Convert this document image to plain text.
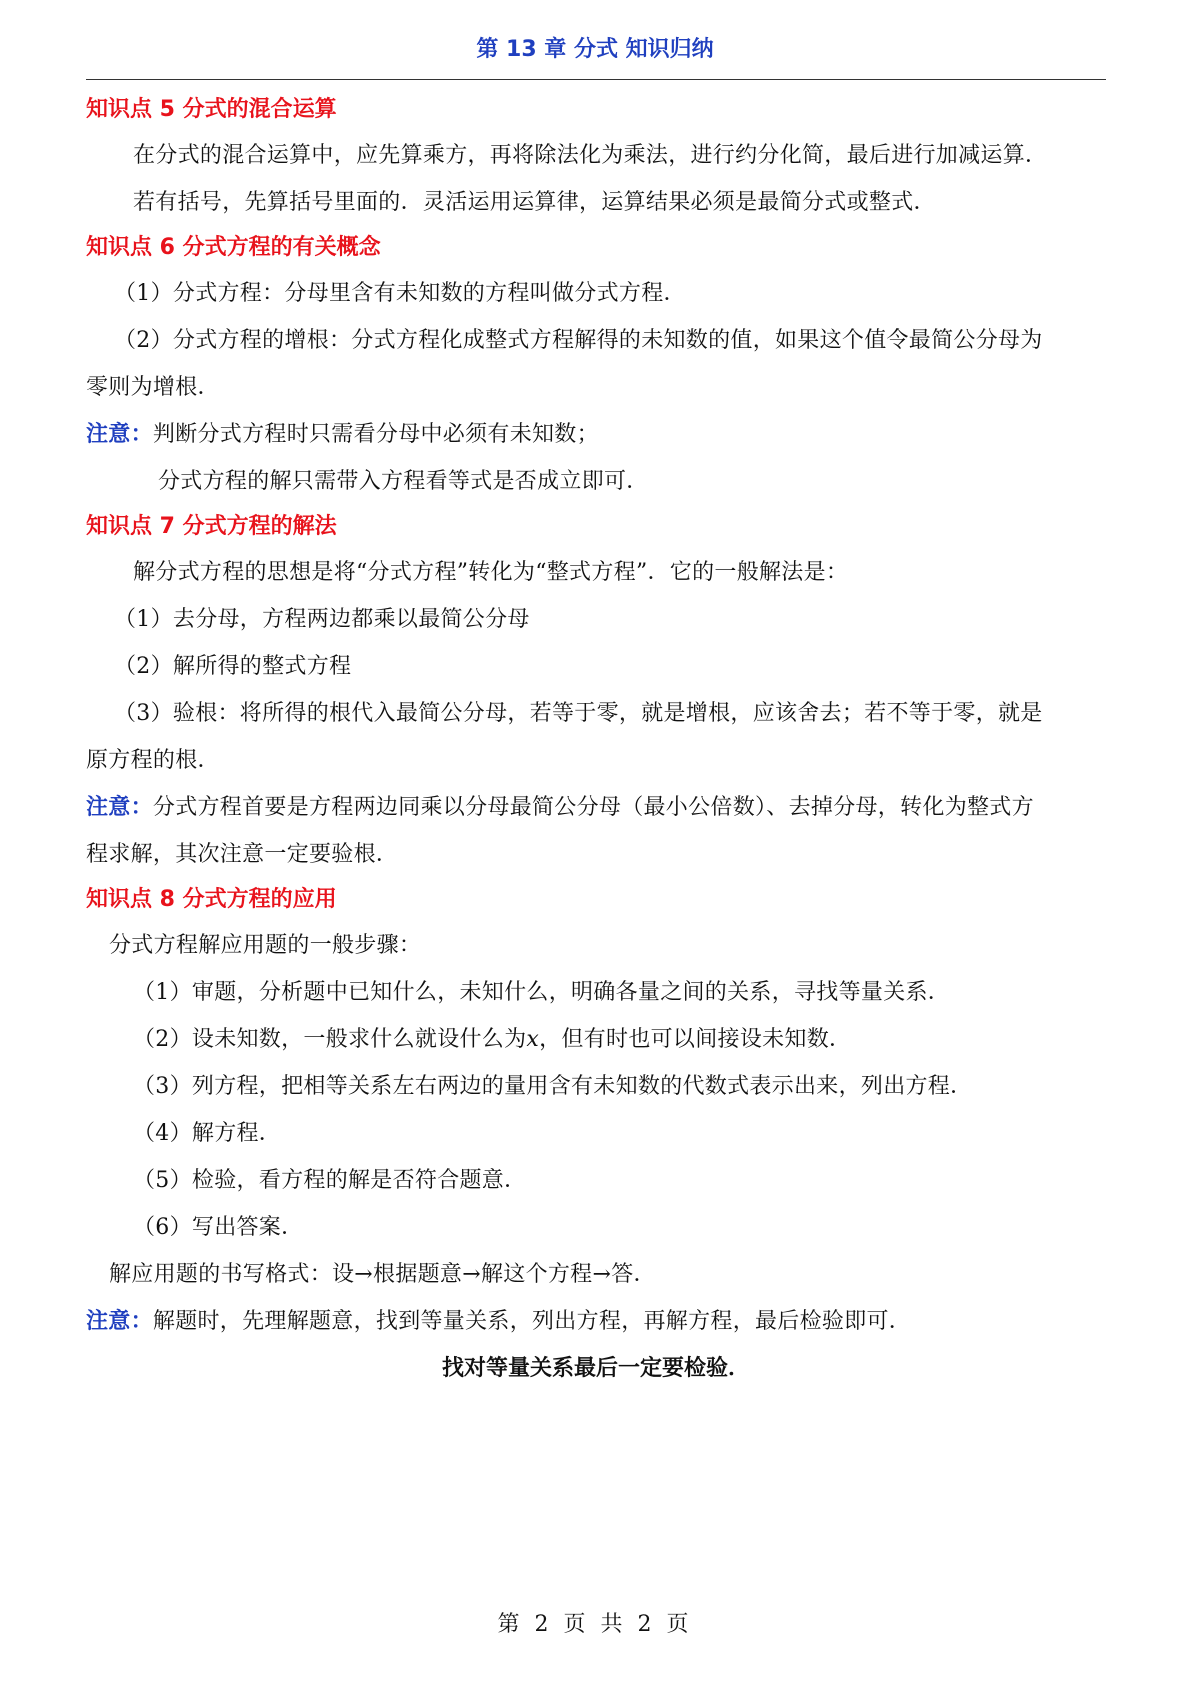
第 13 章 分式 知识归纳
知识点 5 分式的混合运算
在分式的混合运算中，应先算乘方，再将除法化为乘法，进行约分化简，最后进行加减运算．
若有括号，先算括号里面的．灵活运用运算律，运算结果必须是最简分式或整式．
知识点 6 分式方程的有关概念
（1）分式方程：分母里含有未知数的方程叫做分式方程．
（2）分式方程的增根：分式方程化成整式方程解得的未知数的值，如果这个值令最简公分母为
零则为增根．
注意：判断分式方程时只需看分母中必须有未知数；
分式方程的解只需带入方程看等式是否成立即可．
知识点 7 分式方程的解法
解分式方程的思想是将“分式方程”转化为“整式方程”．它的一般解法是：
（1）去分母，方程两边都乘以最简公分母
（2）解所得的整式方程
（3）验根：将所得的根代入最简公分母，若等于零，就是增根，应该舍去；若不等于零，就是
原方程的根．
注意：分式方程首要是方程两边同乘以分母最简公分母（最小公倍数）、去掉分母，转化为整式方
程求解，其次注意一定要验根．
知识点 8 分式方程的应用
分式方程解应用题的一般步骤：
（1）审题，分析题中已知什么，未知什么，明确各量之间的关系，寻找等量关系．
（2）设未知数，一般求什么就设什么为x，但有时也可以间接设未知数．
（3）列方程，把相等关系左右两边的量用含有未知数的代数式表示出来，列出方程．
（4）解方程．
（5）检验，看方程的解是否符合题意．
（6）写出答案．
解应用题的书写格式：设→根据题意→解这个方程→答．
注意：解题时，先理解题意，找到等量关系，列出方程，再解方程，最后检验即可．
找对等量关系最后一定要检验．
第 2 页 共 2 页
